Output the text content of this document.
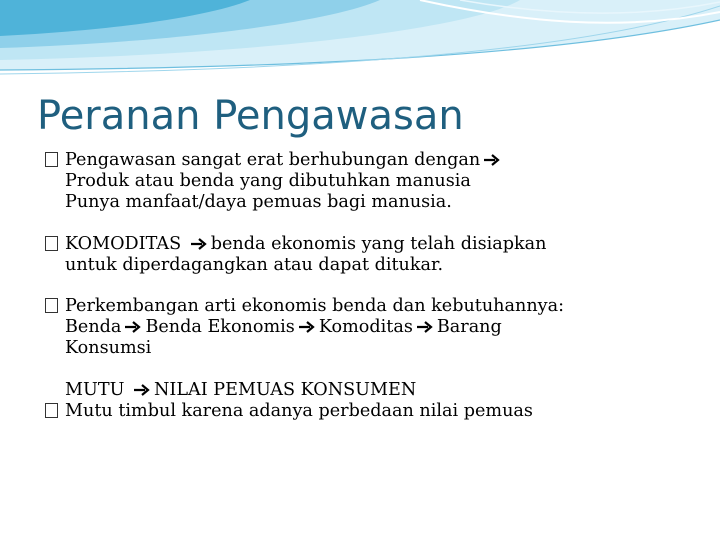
Peranan Pengawasan
Pengawasan sangat erat berhubungan dengan
Produk atau benda yang dibutuhkan manusia
Punya manfaat/daya pemuas bagi manusia.
KOMODITAS benda ekonomis yang telah disiapkan
untuk diperdagangkan atau dapat ditukar.
Perkembangan arti ekonomis benda dan kebutuhannya:
Benda Benda Ekonomis Komoditas Barang
Konsumsi
MUTU NILAI PEMUAS KONSUMEN
Mutu timbul karena adanya perbedaan nilai pemuas
